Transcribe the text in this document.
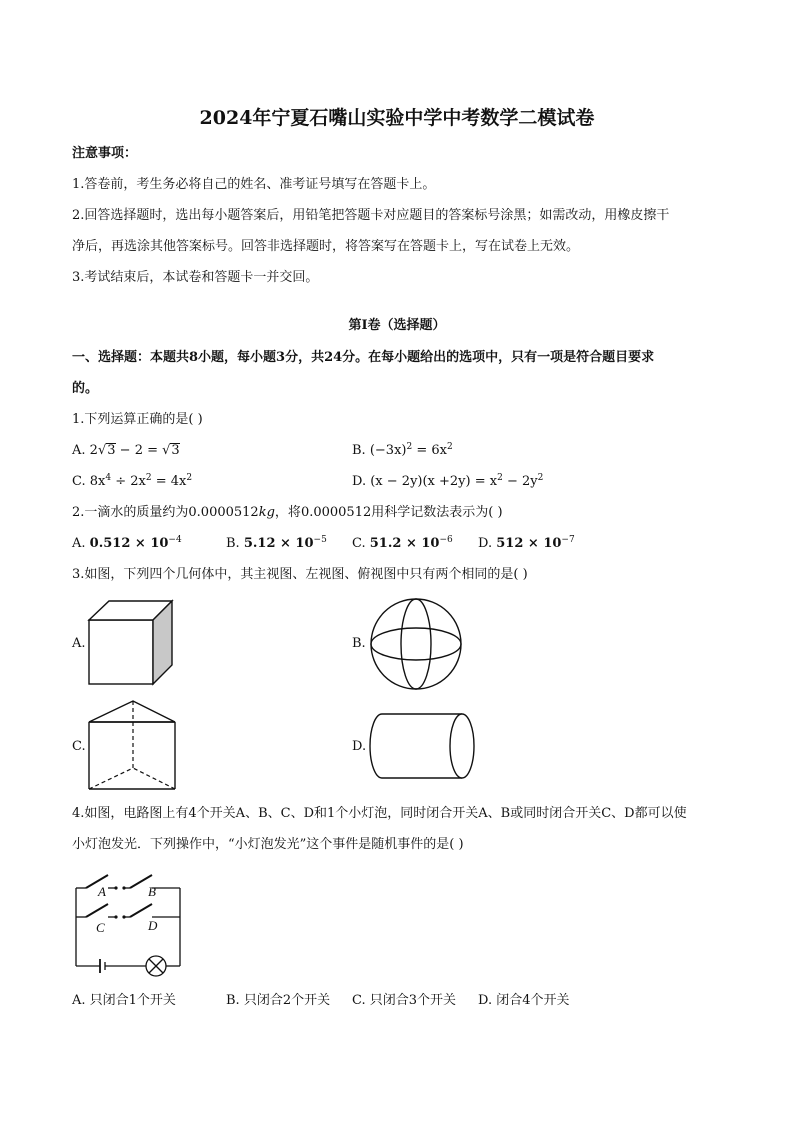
2024年宁夏石嘴山实验中学中考数学二模试卷
注意事项：
1.答卷前，考生务必将自己的姓名、准考证号填写在答题卡上。
2.回答选择题时，选出每小题答案后，用铅笔把答题卡对应题目的答案标号涂黑；如需改动，用橡皮擦干
净后，再选涂其他答案标号。回答非选择题时，将答案写在答题卡上，写在试卷上无效。
3.考试结束后，本试卷和答题卡一并交回。
第Ⅰ卷（选择题）
一、选择题：本题共8小题，每小题3分，共24分。在每小题给出的选项中，只有一项是符合题目要求
的。
1.下列运算正确的是( )
A. 2√3 − 2 = √3	B. $(-3x)^2 = 6x^2$
C. $8x^4 \div 2x^2 = 4x^2$	D. $(x - 2y)(x +2y) = x^2 - 2y^2$
2.一滴水的质量约为0.0000512kg，将0.0000512用科学记数法表示为( )
A. $0.512 \times 10^{-4}$	B. $5.12 \times 10^{-5}$ C. $51.2 \times 10^{-6}$ D. $512 \times 10^{-7}$
3.如图，下列四个几何体中，其主视图、左视图、俯视图中只有两个相同的是( )
A.	B.
C.	D.
4.如图，电路图上有4个开关A、B、C、D和1个小灯泡，同时闭合开关A、B或同时闭合开关C、D都可以使
小灯泡发光．下列操作中，“小灯泡发光”这个事件是随机事件的是( )
A	B
C	D
A. 只闭合1个开关	B. 只闭合2个开关 C. 只闭合3个开关 D. 闭合4个开关
